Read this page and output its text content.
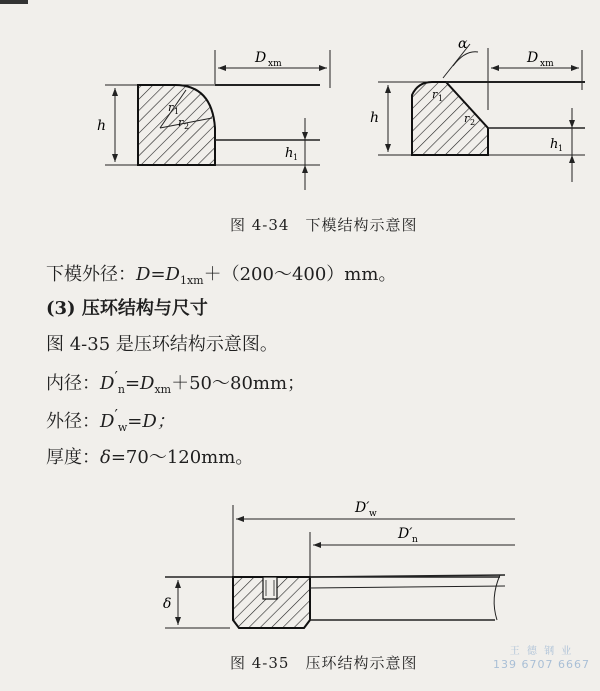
D xm
h
r 1
r 2
h 1
D xm
α
h
r 1
r 2
h 1
图 4-34　下模结构示意图
下模外径：$D=D_{1xm}+(200\sim 400)mm$。
(3) 压环结构与尺寸
图 4-35 是压环结构示意图。
内径：$D'_n=D_{xm}+50\sim 80mm$；
外径：$D'_w=D$；
厚度：δ=70～120mm。
D′ w
D′ n
δ
图 4-35　压环结构示意图
王 德 钢 业
139 6707 6667
